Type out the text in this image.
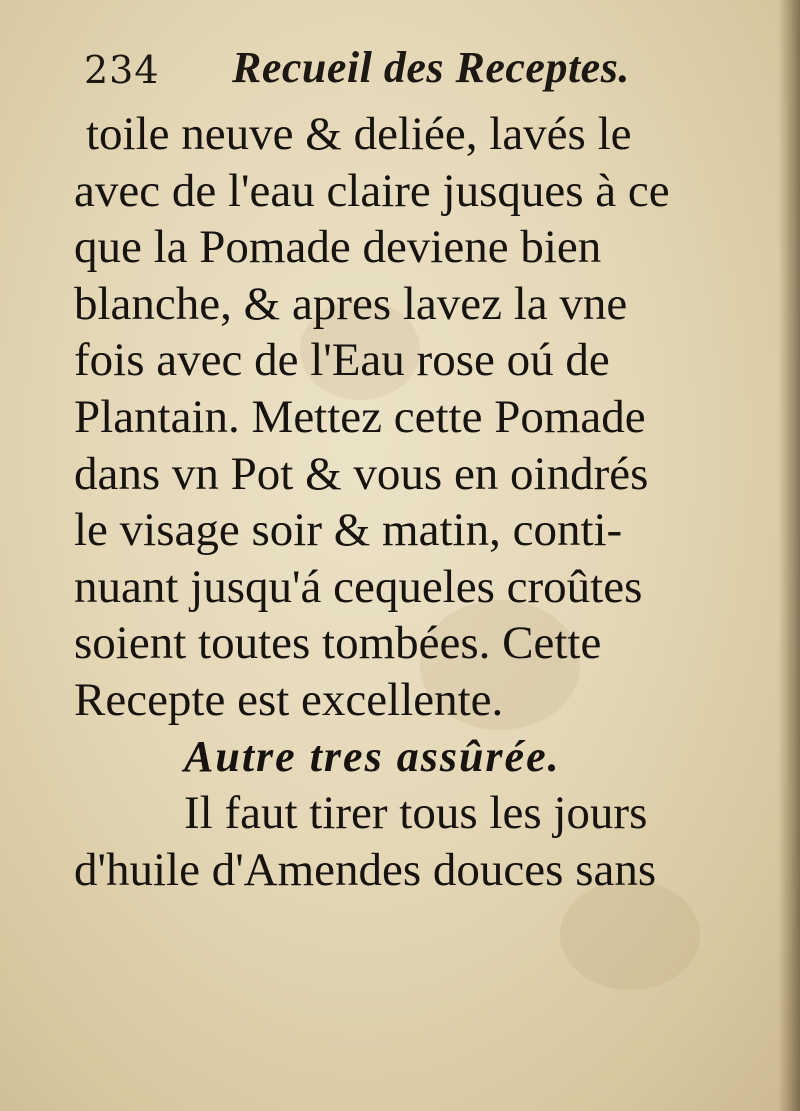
234 Recueil des Receptes.
toile neuve & deliée, lavés le
avec de l'eau claire jusques à ce
que la Pomade deviene bien
blanche, & apres lavez la vne
fois avec de l'Eau rose oú de
Plantain. Mettez cette Pomade
dans vn Pot & vous en oindrés
le visage soir & matin, conti-
nuant jusqu'á cequeles croûtes
soient toutes tombées. Cette
Recepte est excellente.
Autre tres assûrée.
Il faut tirer tous les jours
d'huile d'Amendes douces sans
